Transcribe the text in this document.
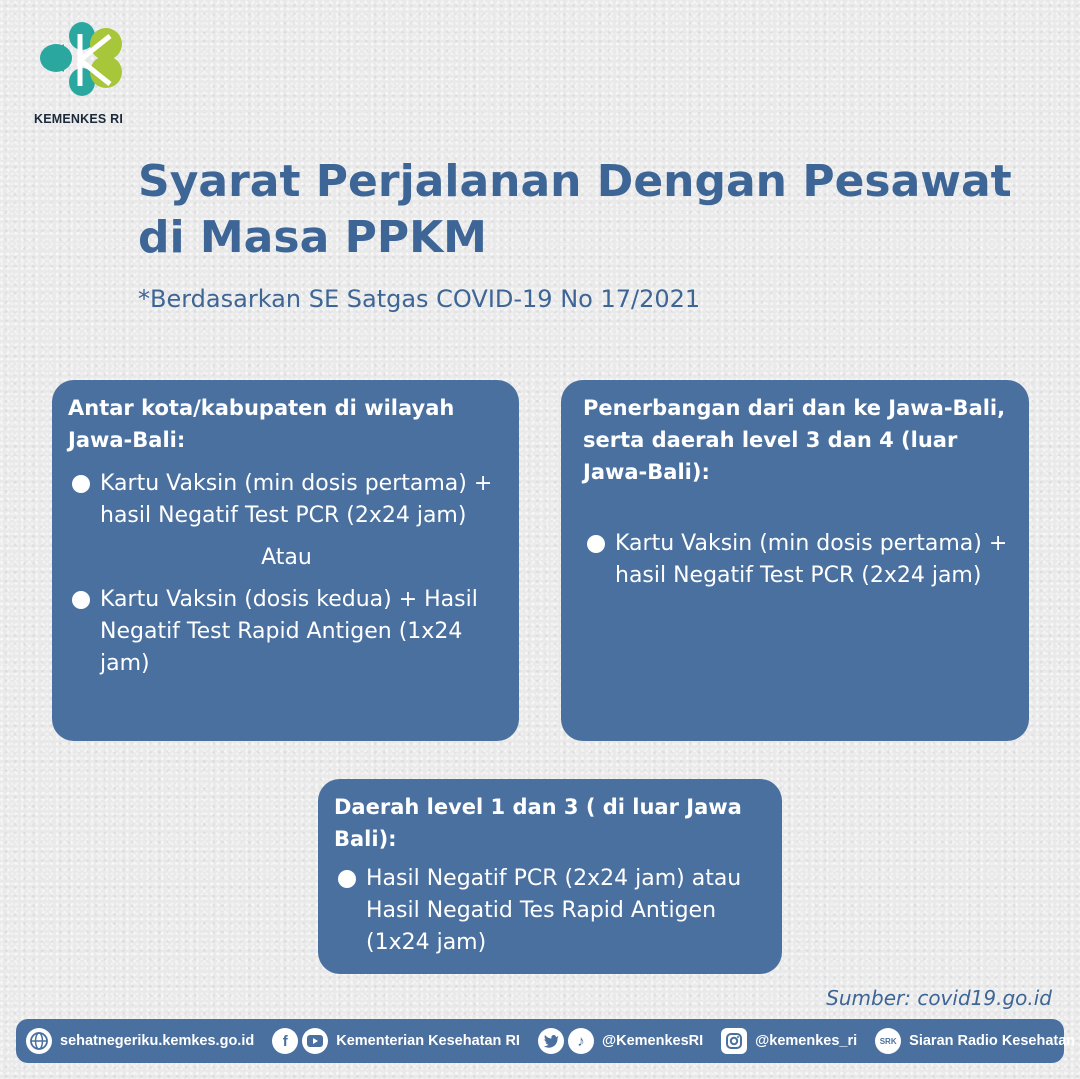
KEMENKES RI
Syarat Perjalanan Dengan Pesawat di Masa PPKM

*Berdasarkan SE Satgas COVID-19 No 17/2021

Antar kota/kabupaten di wilayah Jawa-Bali:
Kartu Vaksin (min dosis pertama) + hasil Negatif Test PCR (2x24 jam)
Atau
Kartu Vaksin (dosis kedua) + Hasil Negatif Test Rapid Antigen (1x24 jam)
Penerbangan dari dan ke Jawa-Bali, serta daerah level 3 dan 4 (luar Jawa-Bali):
Kartu Vaksin (min dosis pertama) + hasil Negatif Test PCR (2x24 jam)
Daerah level 1 dan 3 ( di luar Jawa Bali):
Hasil Negatif PCR (2x24 jam) atau Hasil Negatid Tes Rapid Antigen (1x24 jam)
Sumber: covid19.go.id
sehatnegeriku.kemkes.go.id	f	Kementerian Kesehatan RI	♪	@KemenkesRI	@kemenkes_ri	SRK Siaran Radio Kesehatan
